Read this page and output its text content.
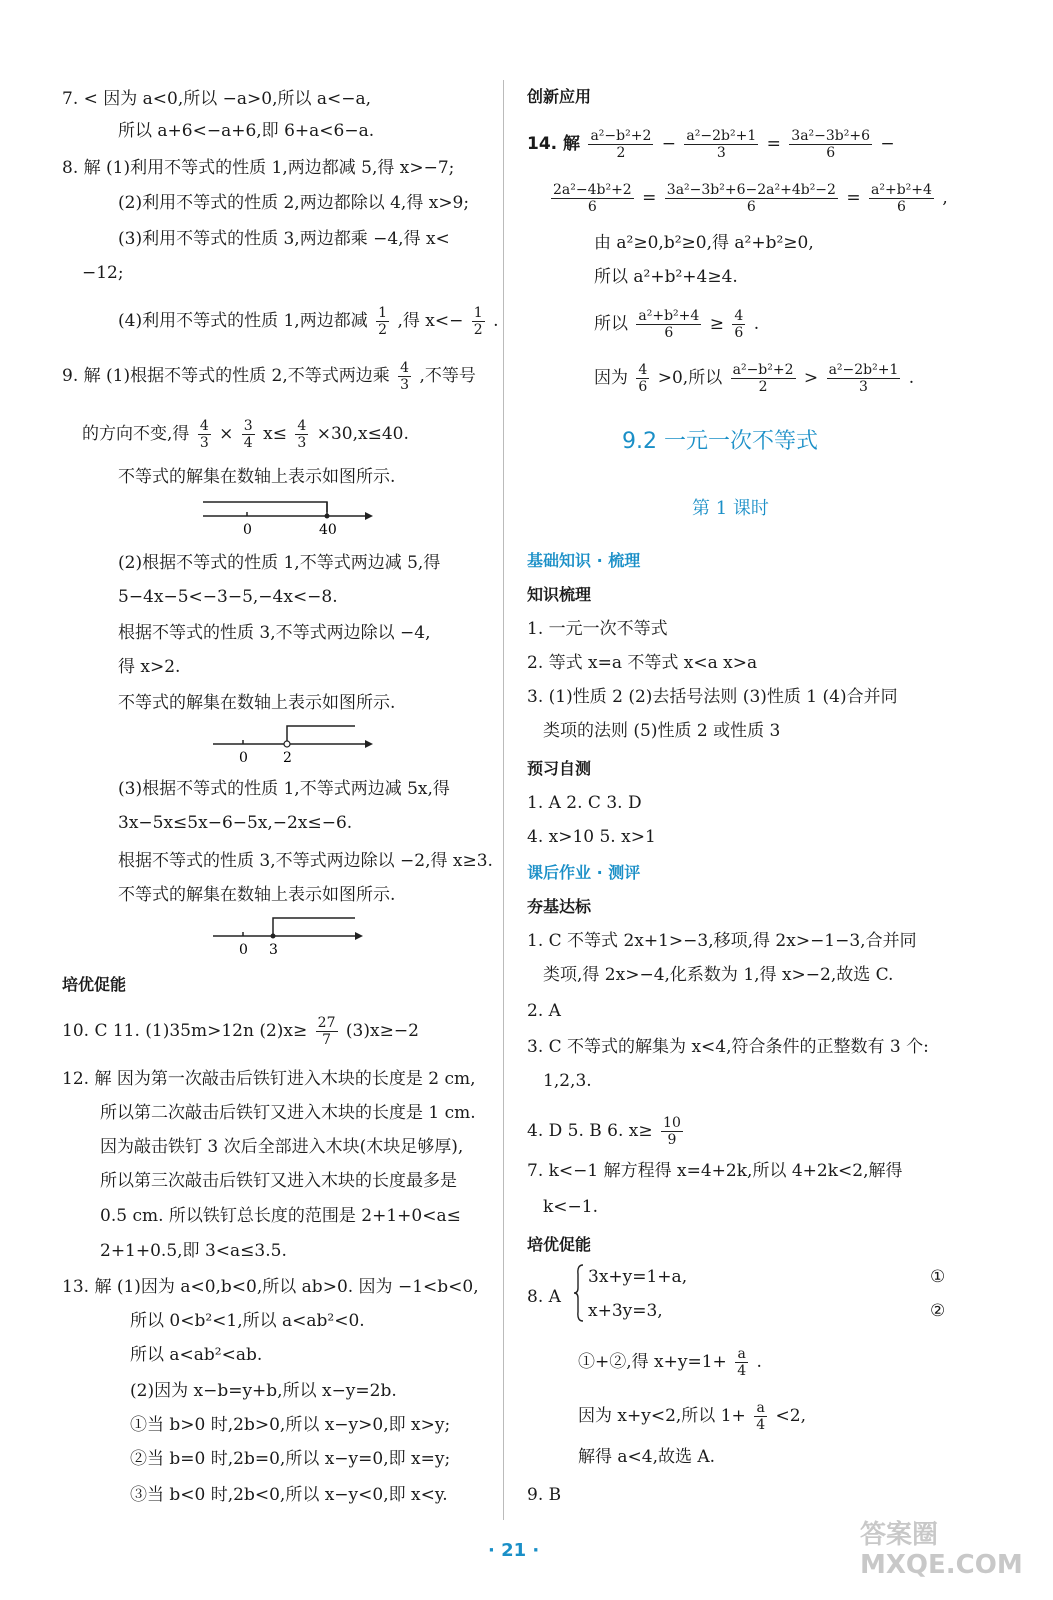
7. < 因为 a<0,所以 −a>0,所以 a<−a,
所以 a+6<−a+6,即 6+a<6−a.
8. 解 (1)利用不等式的性质 1,两边都减 5,得 x>−7;
(2)利用不等式的性质 2,两边都除以 4,得 x>9;
(3)利用不等式的性质 3,两边都乘 −4,得 x<
−12;
(4)利用不等式的性质 1,两边都减 $\frac{1}{2}$ ,得 $x<- \frac{1}{2}$ .
9. 解 (1)根据不等式的性质 2,不等式两边乘 $\frac{4}{3}$ ,不等号
的方向不变,得 $\frac{4}{3} \times \frac{3}{4} x\le \frac{4}{3} \times 30,x\le 40$.
不等式的解集在数轴上表示如图所示.
0	40
(2)根据不等式的性质 1,不等式两边减 5,得
5−4x−5<−3−5,−4x<−8.
根据不等式的性质 3,不等式两边除以 −4,
得 x>2.
不等式的解集在数轴上表示如图所示.
0	2
(3)根据不等式的性质 1,不等式两边减 5x,得
3x−5x≤5x−6−5x,−2x≤−6.
根据不等式的性质 3,不等式两边除以 −2,得 x≥3.
不等式的解集在数轴上表示如图所示.
0 3
培优促能
10. C 11. (1)35m>12n $(2)x\ge \frac{27}{7} (3)x\ge-2$
12. 解 因为第一次敲击后铁钉进入木块的长度是 2 cm,
所以第二次敲击后铁钉又进入木块的长度是 1 cm.
因为敲击铁钉 3 次后全部进入木块(木块足够厚),
所以第三次敲击后铁钉又进入木块的长度最多是
0.5 cm. 所以铁钉总长度的范围是 2+1+0<a≤
2+1+0.5,即 3<a≤3.5.
13. 解 (1)因为 a<0,b<0,所以 ab>0. 因为 −1<b<0,
所以 0<b²<1,所以 a<ab²<0.
所以 a<ab²<ab.
(2)因为 x−b=y+b,所以 x−y=2b.
①当 b>0 时,2b>0,所以 x−y>0,即 x>y;
②当 b=0 时,2b=0,所以 x−y=0,即 x=y;
③当 b<0 时,2b<0,所以 x−y<0,即 x<y.
创新应用
14. 解 $\frac{\text{a²−b²+2}}{2} - \frac{\text{a²−2b²+1}}{3} = \frac{\text{3a²−3b²+6}}{6}$ −
$\frac{\text{2a²−4b²+2}}{6} = \frac{\text{3a²−3b²+6−2a²+4b²−2}}{6} = \frac{\text{a²+b²+4}}{6}$ ,
由 a²≥0,b²≥0,得 a²+b²≥0,
所以 a²+b²+4≥4.
所以 $\frac{\text{a²+b²+4}}{6} \ge \frac{4}{6}$ .
因为 $\frac{4}{6} >0$,所以 $\frac{\text{a²−b²+2}}{2} > \frac{\text{a²−2b²+1}}{3}$ .
9.2 一元一次不等式
第 1 课时
基础知识 · 梳理
知识梳理
1. 一元一次不等式
2. 等式 x=a 不等式 x<a x>a
3. (1)性质 2 (2)去括号法则 (3)性质 1 (4)合并同
类项的法则 (5)性质 2 或性质 3
预习自测
1. A 2. C 3. D
4. x>10 5. x>1
课后作业 · 测评
夯基达标
1. C 不等式 2x+1>−3,移项,得 2x>−1−3,合并同
类项,得 2x>−4,化系数为 1,得 x>−2,故选 C.
2. A
3. C 不等式的解集为 x<4,符合条件的正整数有 3 个:
1,2,3.
4. D 5. B 6. $x\ge \frac{10}{9}$
7. k<−1 解方程得 x=4+2k,所以 4+2k<2,解得
k<−1.
培优促能
8. A
3x+y=1+a,
x+3y=3,
①
②
①+②,得 $x+y=1+ \frac{a}{4}$ .
因为 x+y<2,所以 $1+ \frac{a}{4} <2$,
解得 a<4,故选 A.
9. B
· 21 ·
答案圈 MXQE.COM
